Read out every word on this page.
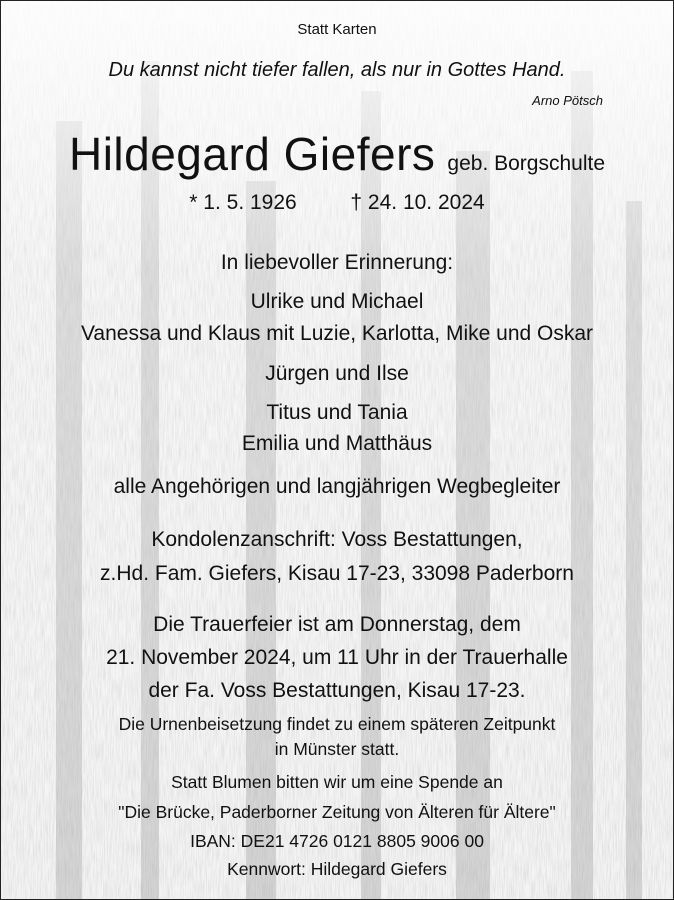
Statt Karten
Du kannst nicht tiefer fallen, als nur in Gottes Hand.
Arno Pötsch
Hildegard Giefers geb. Borgschulte
* 1. 5. 1926	† 24. 10. 2024
In liebevoller Erinnerung:
Ulrike und Michael
Vanessa und Klaus mit Luzie, Karlotta, Mike und Oskar
Jürgen und Ilse
Titus und Tania
Emilia und Matthäus
alle Angehörigen und langjährigen Wegbegleiter
Kondolenzanschrift: Voss Bestattungen,
z.Hd. Fam. Giefers, Kisau 17-23, 33098 Paderborn
Die Trauerfeier ist am Donnerstag, dem
21. November 2024, um 11 Uhr in der Trauerhalle
der Fa. Voss Bestattungen, Kisau 17-23.
Die Urnenbeisetzung findet zu einem späteren Zeitpunkt
in Münster statt.
Statt Blumen bitten wir um eine Spende an
"Die Brücke, Paderborner Zeitung von Älteren für Ältere"
IBAN: DE21 4726 0121 8805 9006 00
Kennwort: Hildegard Giefers
